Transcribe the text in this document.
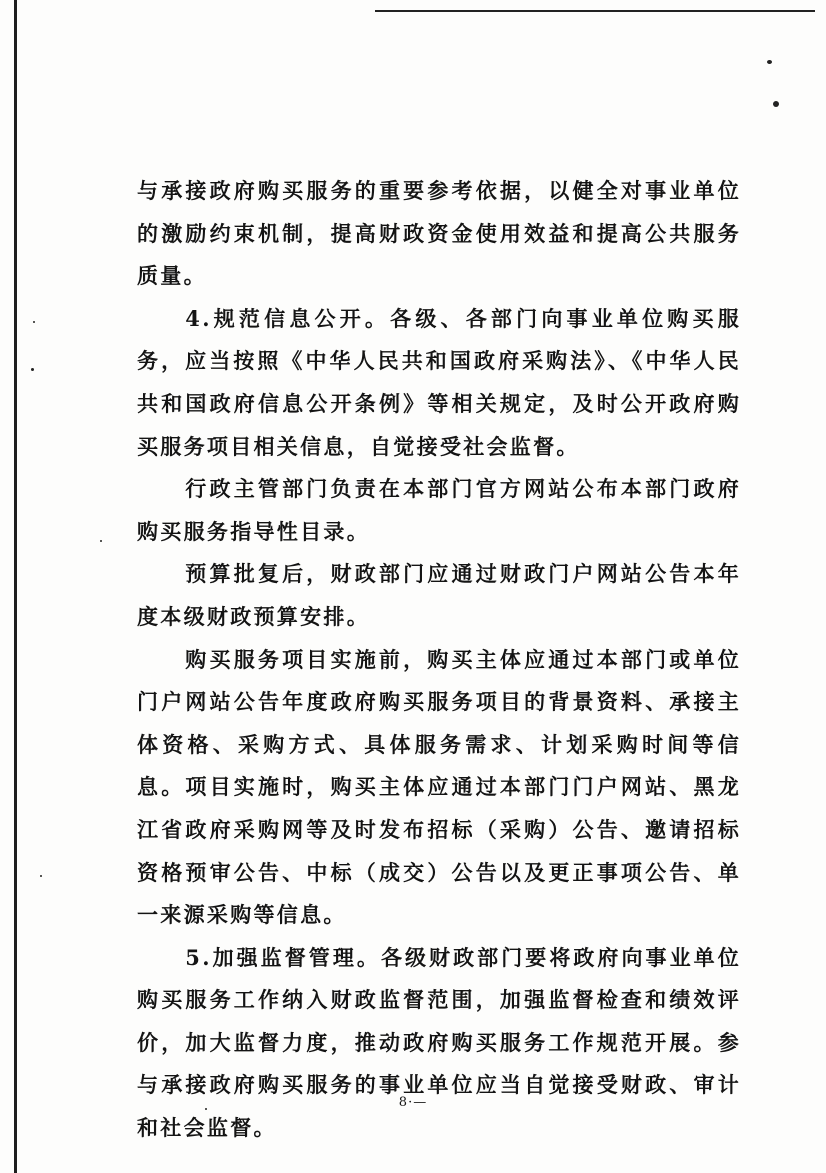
与承接政府购买服务的重要参考依据，以健全对事业单位的激励约束机制，提高财政资金使用效益和提高公共服务质量。

4.规范信息公开。各级、各部门向事业单位购买服务，应当按照《中华人民共和国政府采购法》、《中华人民共和国政府信息公开条例》等相关规定，及时公开政府购买服务项目相关信息，自觉接受社会监督。

行政主管部门负责在本部门官方网站公布本部门政府购买服务指导性目录。

预算批复后，财政部门应通过财政门户网站公告本年度本级财政预算安排。

购买服务项目实施前，购买主体应通过本部门或单位门户网站公告年度政府购买服务项目的背景资料、承接主体资格、采购方式、具体服务需求、计划采购时间等信息。项目实施时，购买主体应通过本部门门户网站、黑龙江省政府采购网等及时发布招标（采购）公告、邀请招标资格预审公告、中标（成交）公告以及更正事项公告、单一来源采购等信息。

5.加强监督管理。各级财政部门要将政府向事业单位购买服务工作纳入财政监督范围，加强监督检查和绩效评价，加大监督力度，推动政府购买服务工作规范开展。参与承接政府购买服务的事业单位应当自觉接受财政、审计和社会监督。

8·—
